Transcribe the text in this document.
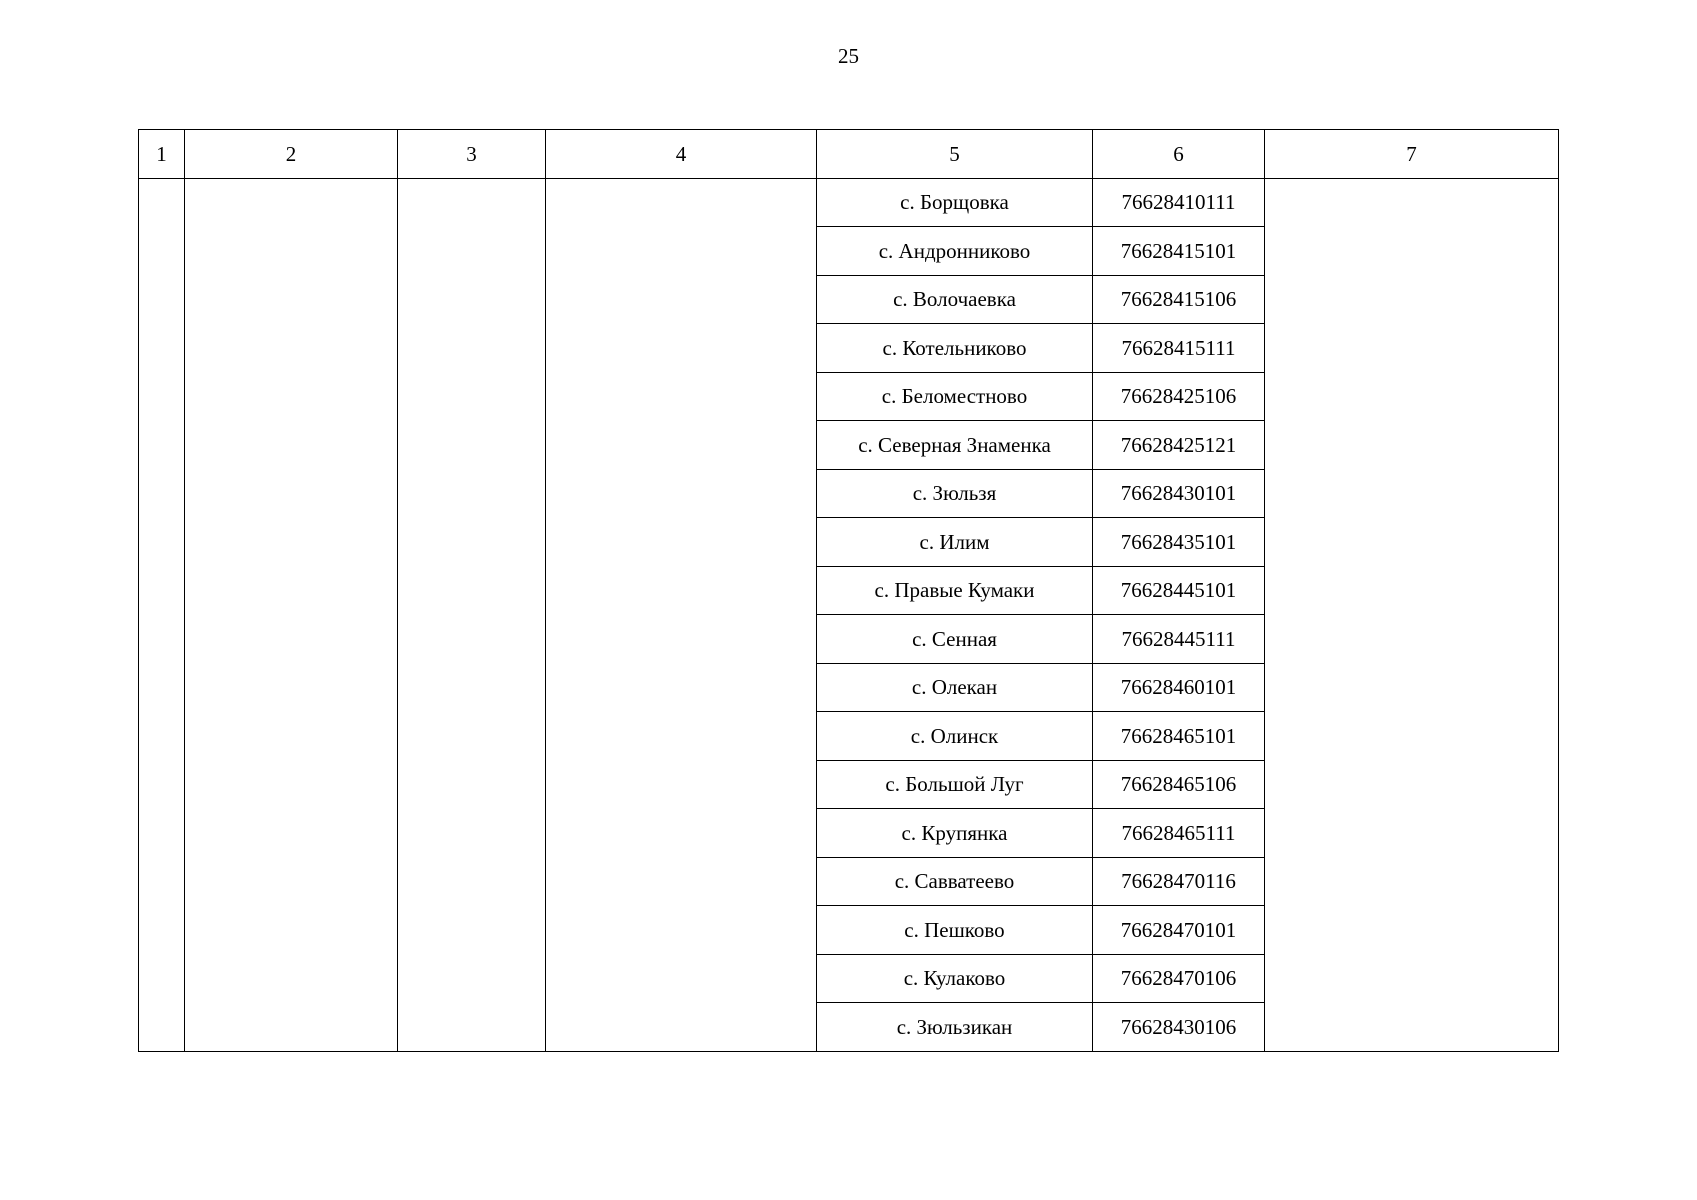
25
1	2	3	4	5	6	7
				с. Борщовка	76628410111	
				с. Андронниково	76628415101	
				с. Волочаевка	76628415106	
				с. Котельниково	76628415111	
				с. Беломестново	76628425106	
				с. Северная Знаменка	76628425121	
				с. Зюльзя	76628430101	
				с. Илим	76628435101	
				с. Правые Кумаки	76628445101	
				с. Сенная	76628445111	
				с. Олекан	76628460101	
				с. Олинск	76628465101	
				с. Большой Луг	76628465106	
				с. Крупянка	76628465111	
				с. Савватеево	76628470116	
				с. Пешково	76628470101	
				с. Кулаково	76628470106	
				с. Зюльзикан	76628430106	
